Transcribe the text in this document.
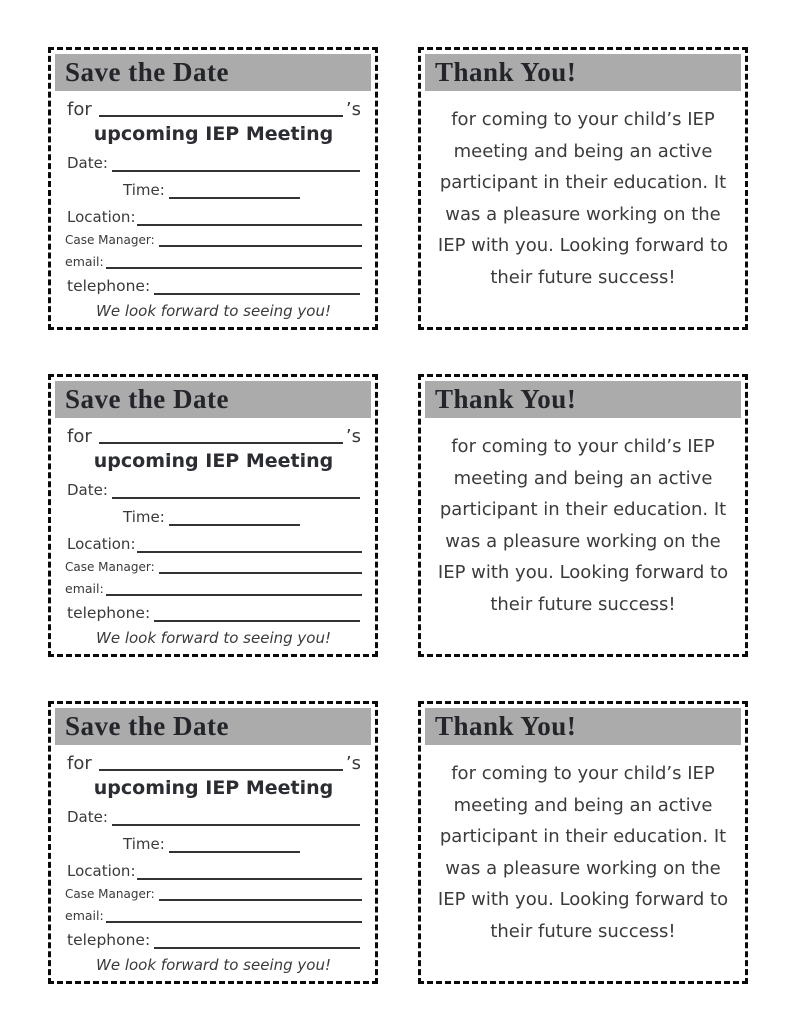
Save the Date
for	’s
upcoming IEP Meeting
Date:
Time:
Location:
Case Manager:
email:
telephone:
We look forward to seeing you!
Thank You!
for coming to your child’s IEP
meeting and being an active
participant in their education. It
was a pleasure working on the
IEP with you. Looking forward to
their future success!
Save the Date
for	’s
upcoming IEP Meeting
Date:
Time:
Location:
Case Manager:
email:
telephone:
We look forward to seeing you!
Thank You!
for coming to your child’s IEP
meeting and being an active
participant in their education. It
was a pleasure working on the
IEP with you. Looking forward to
their future success!
Save the Date
for	’s
upcoming IEP Meeting
Date:
Time:
Location:
Case Manager:
email:
telephone:
We look forward to seeing you!
Thank You!
for coming to your child’s IEP
meeting and being an active
participant in their education. It
was a pleasure working on the
IEP with you. Looking forward to
their future success!
